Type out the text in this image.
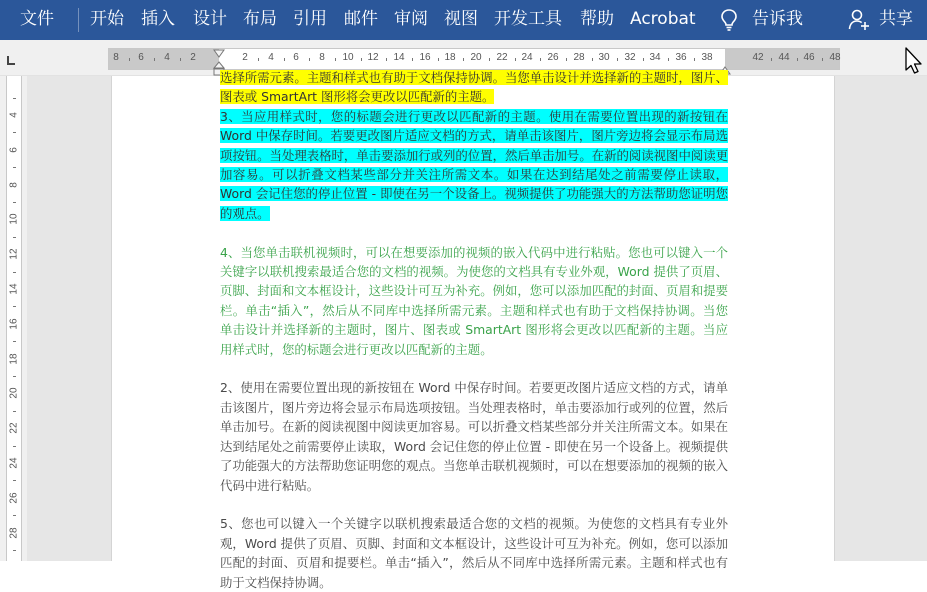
文件 开始 插入 设计 布局 引用 邮件 审阅 视图 开发工具 帮助 Acrobat	告诉我	共享
8 6 4 2	2 4 6 8 10 12 14 16 18 20 22 24 26 28 30 32 34 36 38	42 44 46 48
4
6
8
10
12
14
16
18
20
22
24
26
28

选择所需元素。主题和样式也有助于文档保持协调。当您单击设计并选择新的主题时，图片、图表或 SmartArt 图形将会更改以匹配新的主题。

3、当应用样式时，您的标题会进行更改以匹配新的主题。使用在需要位置出现的新按钮在 Word 中保存时间。若要更改图片适应文档的方式，请单击该图片，图片旁边将会显示布局选项按钮。当处理表格时，单击要添加行或列的位置，然后单击加号。在新的阅读视图中阅读更加容易。可以折叠文档某些部分并关注所需文本。如果在达到结尾处之前需要停止读取，Word 会记住您的停止位置 - 即使在另一个设备上。视频提供了功能强大的方法帮助您证明您的观点。

4、当您单击联机视频时，可以在想要添加的视频的嵌入代码中进行粘贴。您也可以键入一个关键字以联机搜索最适合您的文档的视频。为使您的文档具有专业外观，Word 提供了页眉、页脚、封面和文本框设计，这些设计可互为补充。例如，您可以添加匹配的封面、页眉和提要栏。单击“插入”，然后从不同库中选择所需元素。主题和样式也有助于文档保持协调。当您单击设计并选择新的主题时，图片、图表或 SmartArt 图形将会更改以匹配新的主题。当应用样式时，您的标题会进行更改以匹配新的主题。

2、使用在需要位置出现的新按钮在 Word 中保存时间。若要更改图片适应文档的方式，请单击该图片，图片旁边将会显示布局选项按钮。当处理表格时，单击要添加行或列的位置，然后单击加号。在新的阅读视图中阅读更加容易。可以折叠文档某些部分并关注所需文本。如果在达到结尾处之前需要停止读取，Word 会记住您的停止位置 - 即使在另一个设备上。视频提供了功能强大的方法帮助您证明您的观点。当您单击联机视频时，可以在想要添加的视频的嵌入代码中进行粘贴。

5、您也可以键入一个关键字以联机搜索最适合您的文档的视频。为使您的文档具有专业外观，Word 提供了页眉、页脚、封面和文本框设计，这些设计可互为补充。例如，您可以添加匹配的封面、页眉和提要栏。单击“插入”，然后从不同库中选择所需元素。主题和样式也有助于文档保持协调。
